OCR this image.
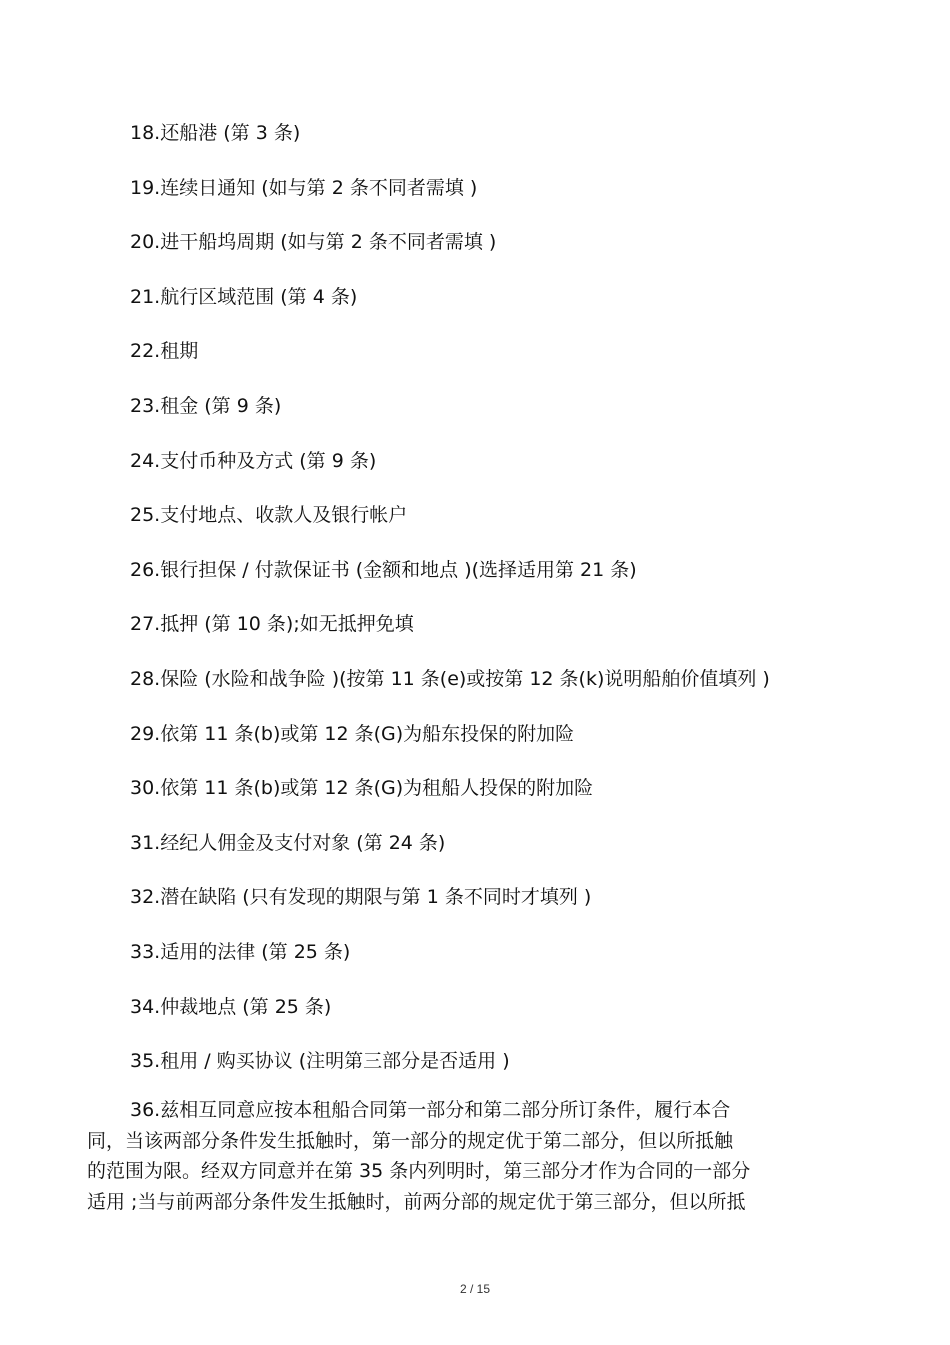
18.还船港 (第 3 条)
19.连续日通知 (如与第 2 条不同者需填 )
20.进干船坞周期 (如与第 2 条不同者需填 )
21.航行区域范围 (第 4 条)
22.租期
23.租金 (第 9 条)
24.支付币种及方式 (第 9 条)
25.支付地点、收款人及银行帐户
26.银行担保 / 付款保证书 (金额和地点 )(选择适用第 21 条)
27.抵押 (第 10 条);如无抵押免填
28.保险 (水险和战争险 )(按第 11 条(e)或按第 12 条(k)说明船舶价值填列 )
29.依第 11 条(b)或第 12 条(G)为船东投保的附加险
30.依第 11 条(b)或第 12 条(G)为租船人投保的附加险
31.经纪人佣金及支付对象 (第 24 条)
32.潜在缺陷 (只有发现的期限与第 1 条不同时才填列 )
33.适用的法律 (第 25 条)
34.仲裁地点 (第 25 条)
35.租用 / 购买协议 (注明第三部分是否适用 )
36.兹相互同意应按本租船合同第一部分和第二部分所订条件，履行本合
同，当该两部分条件发生抵触时，第一部分的规定优于第二部分，但以所抵触
的范围为限。经双方同意并在第 35 条内列明时，第三部分才作为合同的一部分
适用 ;当与前两部分条件发生抵触时，前两分部的规定优于第三部分，但以所抵
2 / 15
